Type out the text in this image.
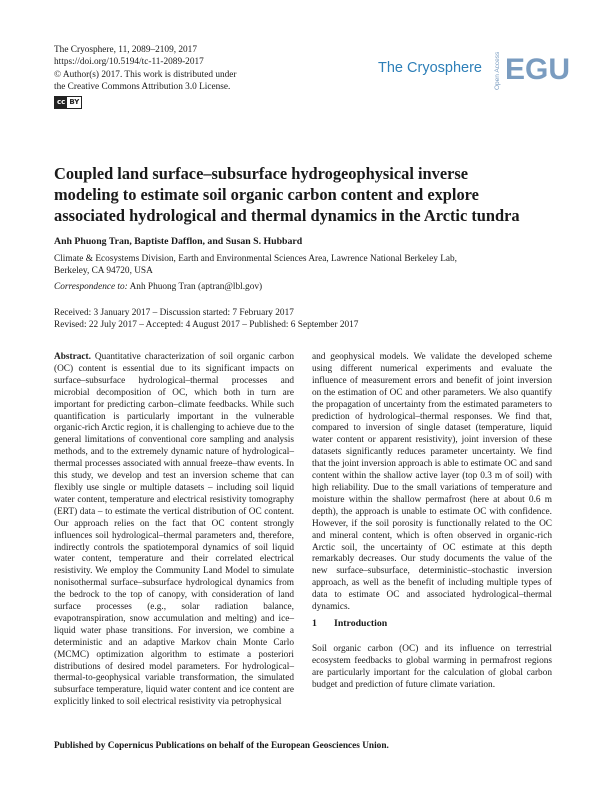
The Cryosphere, 11, 2089–2109, 2017
https://doi.org/10.5194/tc-11-2089-2017
© Author(s) 2017. This work is distributed under
the Creative Commons Attribution 3.0 License.
cc BY
The Cryosphere Open Access EGU
Coupled land surface–subsurface hydrogeophysical inverse
modeling to estimate soil organic carbon content and explore
associated hydrological and thermal dynamics in the Arctic tundra
Anh Phuong Tran, Baptiste Dafflon, and Susan S. Hubbard
Climate & Ecosystems Division, Earth and Environmental Sciences Area, Lawrence National Berkeley Lab,
Berkeley, CA 94720, USA
Correspondence to: Anh Phuong Tran (aptran@lbl.gov)
Received: 3 January 2017 – Discussion started: 7 February 2017
Revised: 22 July 2017 – Accepted: 4 August 2017 – Published: 6 September 2017

Abstract. Quantitative characterization of soil organic carbon (OC) content is essential due to its significant impacts on surface–subsurface hydrological–thermal processes and microbial decomposition of OC, which both in turn are important for predicting carbon–climate feedbacks. While such quantification is particularly important in the vulnerable organic-rich Arctic region, it is challenging to achieve due to the general limitations of conventional core sampling and analysis methods, and to the extremely dynamic nature of hydrological–thermal processes associated with annual freeze–thaw events. In this study, we develop and test an inversion scheme that can flexibly use single or multiple datasets – including soil liquid water content, temperature and electrical resistivity tomography (ERT) data – to estimate the vertical distribution of OC content. Our approach relies on the fact that OC content strongly influences soil hydrological–thermal parameters and, therefore, indirectly controls the spatiotemporal dynamics of soil liquid water content, temperature and their correlated electrical resistivity. We employ the Community Land Model to simulate nonisothermal surface–subsurface hydrological dynamics from the bedrock to the top of canopy, with consideration of land surface processes (e.g., solar radiation balance, evapotranspiration, snow accumulation and melting) and ice–liquid water phase transitions. For inversion, we combine a deterministic and an adaptive Markov chain Monte Carlo (MCMC) optimization algorithm to estimate a posteriori distributions of desired model parameters. For hydrological–thermal-to-geophysical variable transformation, the simulated subsurface temperature, liquid water content and ice content are explicitly linked to soil electrical resistivity via petrophysical

and geophysical models. We validate the developed scheme using different numerical experiments and evaluate the influence of measurement errors and benefit of joint inversion on the estimation of OC and other parameters. We also quantify the propagation of uncertainty from the estimated parameters to prediction of hydrological–thermal responses. We find that, compared to inversion of single dataset (temperature, liquid water content or apparent resistivity), joint inversion of these datasets significantly reduces parameter uncertainty. We find that the joint inversion approach is able to estimate OC and sand content within the shallow active layer (top 0.3 m of soil) with high reliability. Due to the small variations of temperature and moisture within the shallow permafrost (here at about 0.6 m depth), the approach is unable to estimate OC with confidence. However, if the soil porosity is functionally related to the OC and mineral content, which is often observed in organic-rich Arctic soil, the uncertainty of OC estimate at this depth remarkably decreases. Our study documents the value of the new surface–subsurface, deterministic–stochastic inversion approach, as well as the benefit of including multiple types of data to estimate OC and associated hydrological–thermal dynamics.

1 Introduction

Soil organic carbon (OC) and its influence on terrestrial ecosystem feedbacks to global warming in permafrost regions are particularly important for the calculation of global carbon budget and prediction of future climate variation.

Published by Copernicus Publications on behalf of the European Geosciences Union.
